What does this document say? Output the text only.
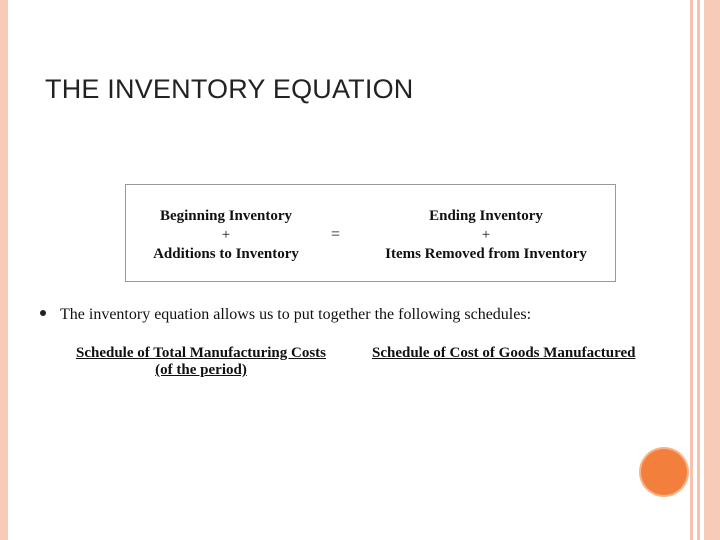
THE INVENTORY EQUATION
Beginning Inventory
+
Additions to Inventory
=
Ending Inventory
+
Items Removed from Inventory
The inventory equation allows us to put together the following schedules:
Schedule of Total Manufacturing Costs
(of the period)
Schedule of Cost of Goods Manufactured
